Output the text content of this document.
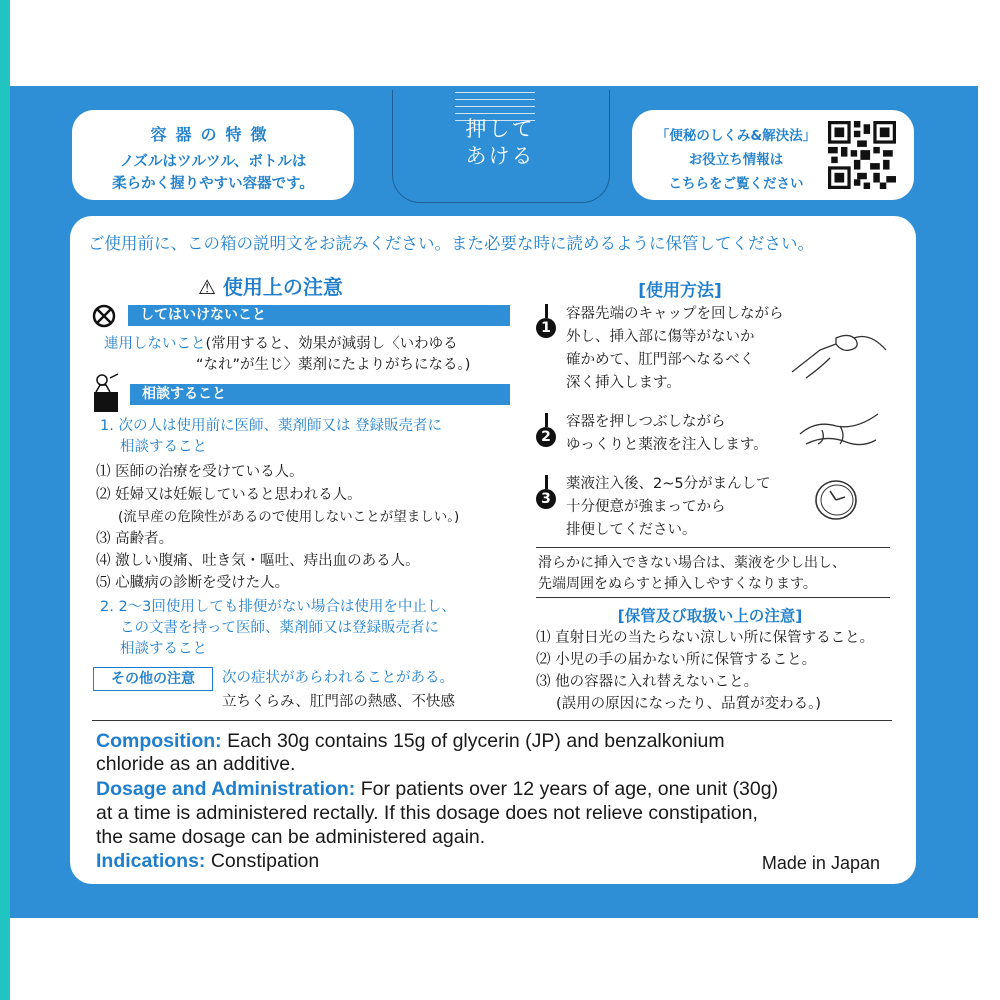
容器の特徴
ノズルはツルツル、ボトルは
柔らかく握りやすい容器です。
押して
あける
「便秘のしくみ&解決法」
お役立ち情報は
こちらをご覧ください
ご使用前に、この箱の説明文をお読みください。また必要な時に読めるように保管してください。
⚠ 使用上の注意
してはいけないこと
連用しないこと(常用すると、効果が減弱し〈いわゆる
“なれ”が生じ〉薬剤にたよりがちになる。)
相談すること
1. 次の人は使用前に医師、薬剤師又は 登録販売者に
相談すること
⑴ 医師の治療を受けている人。
⑵ 妊婦又は妊娠していると思われる人。
(流早産の危険性があるので使用しないことが望ましい。)
⑶ 高齢者。
⑷ 激しい腹痛、吐き気・嘔吐、痔出血のある人。
⑸ 心臓病の診断を受けた人。
2. 2〜3回使用しても排便がない場合は使用を中止し、
この文書を持って医師、薬剤師又は登録販売者に
相談すること
その他の注意	次の症状があらわれることがある。
立ちくらみ、肛門部の熱感、不快感
[使用方法]
1
容器先端のキャップを回しながら
外し、挿入部に傷等がないか
確かめて、肛門部へなるべく
深く挿入します。
2
容器を押しつぶしながら
ゆっくりと薬液を注入します。
3
薬液注入後、2~5分がまんして
十分便意が強まってから
排便してください。
滑らかに挿入できない場合は、薬液を少し出し、
先端周囲をぬらすと挿入しやすくなります。
[保管及び取扱い上の注意]
⑴ 直射日光の当たらない涼しい所に保管すること。
⑵ 小児の手の届かない所に保管すること。
⑶ 他の容器に入れ替えないこと。
(誤用の原因になったり、品質が変わる。)
Composition: Each 30g contains 15g of glycerin (JP) and benzalkonium
chloride as an additive.
Dosage and Administration: For patients over 12 years of age, one unit (30g)
at a time is administered rectally. If this dosage does not relieve constipation,
the same dosage can be administered again.
Indications: Constipation	Made in Japan
